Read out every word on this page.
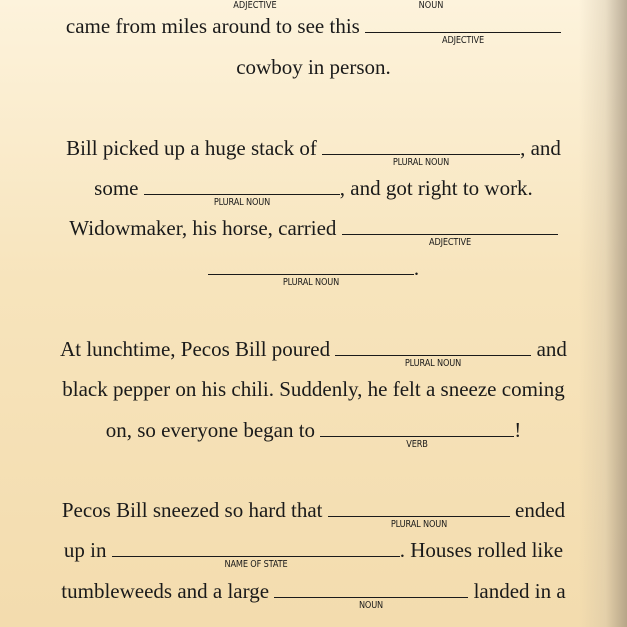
ADJECTIVE	NOUN
came from miles around to see this
ADJECTIVE
cowboy in person.
Bill picked up a huge stack of
PLURAL NOUN
, and
some
PLURAL NOUN
, and got right to work.
Widowmaker, his horse, carried
ADJECTIVE
PLURAL NOUN
.
At lunchtime, Pecos Bill poured
PLURAL NOUN
and
black pepper on his chili. Suddenly, he felt a sneeze coming
on, so everyone began to
VERB
!
Pecos Bill sneezed so hard that
PLURAL NOUN
ended
up in
NAME OF STATE
. Houses rolled like
tumbleweeds and a large
NOUN
landed in a
